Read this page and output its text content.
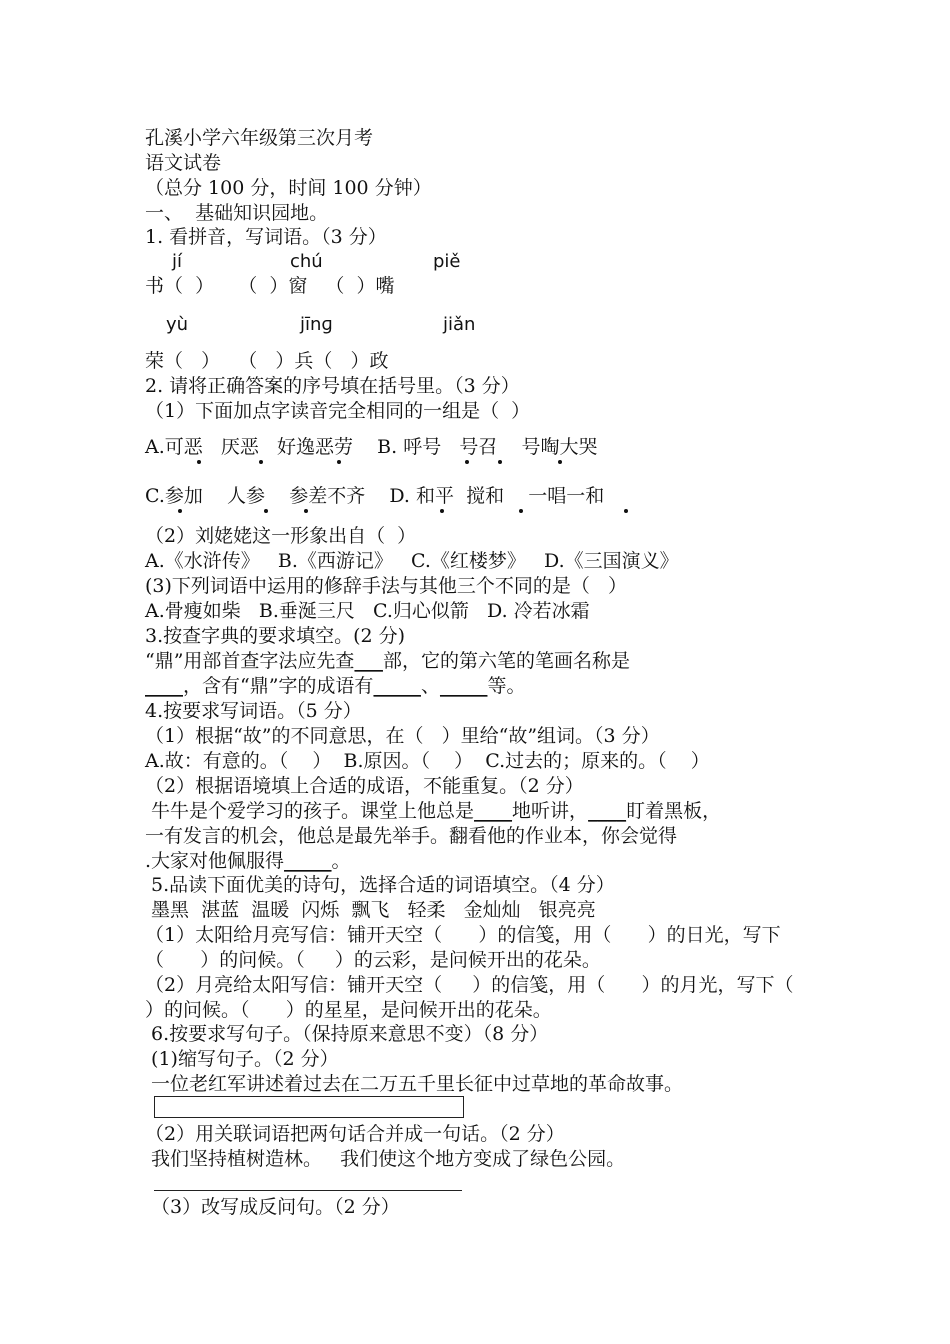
孔溪小学六年级第三次月考
语文试卷
（总分 100 分，时间 100 分钟）
一、  基础知识园地。
1. 看拼音，写词语。（3 分）
jí	chú	piě
书（  ）    （  ）窗   （  ）嘴
yù	jīnɡ	jiǎn
荣（   ）   （   ）兵（   ）政
2. 请将正确答案的序号填在括号里。（3 分）
（1）下面加点字读音完全相同的一组是（  ）
A.可恶   厌恶   好逸恶劳    B. 呼号   号召    号啕大哭
C.参加    人参    参差不齐    D. 和平  搅和    一唱一和
（2）刘姥姥这一形象出自（  ）
A.《水浒传》   B.《西游记》   C.《红楼梦》   D.《三国演义》
(3)下列词语中运用的修辞手法与其他三个不同的是（   ）
A.骨瘦如柴   B.垂涎三尺   C.归心似箭   D. 冷若冰霜
3.按查字典的要求填空。(2 分)
“鼎”用部首查字法应先查___部，它的第六笔的笔画名称是
____，含有“鼎”字的成语有_____、_____等。
4.按要求写词语。（5 分）
（1）根据“故”的不同意思，在（   ）里给“故”组词。（3 分）
A.故：有意的。（    ）  B.原因。（    ）  C.过去的；原来的。（    ）
（2）根据语境填上合适的成语，不能重复。（2 分）
牛牛是个爱学习的孩子。课堂上他总是____地听讲，____盯着黑板，
一有发言的机会，他总是最先举手。翻看他的作业本，你会觉得
.大家对他佩服得_____。
5.品读下面优美的诗句，选择合适的词语填空。（4 分）
墨黑  湛蓝  温暖  闪烁  飘飞   轻柔   金灿灿   银亮亮
（1）太阳给月亮写信：铺开天空（      ）的信笺，用（      ）的日光，写下
（      ）的问候。（     ）的云彩，是问候开出的花朵。
（2）月亮给太阳写信：铺开天空（     ）的信笺，用（      ）的月光，写下（
）的问候。（      ）的星星，是问候开出的花朵。
6.按要求写句子。（保持原来意思不变）（8 分）
(1)缩写句子。（2 分）
一位老红军讲述着过去在二万五千里长征中过草地的革命故事。
（2）用关联词语把两句话合并成一句话。（2 分）
我们坚持植树造林。   我们使这个地方变成了绿色公园。
（3）改写成反问句。（2 分）
